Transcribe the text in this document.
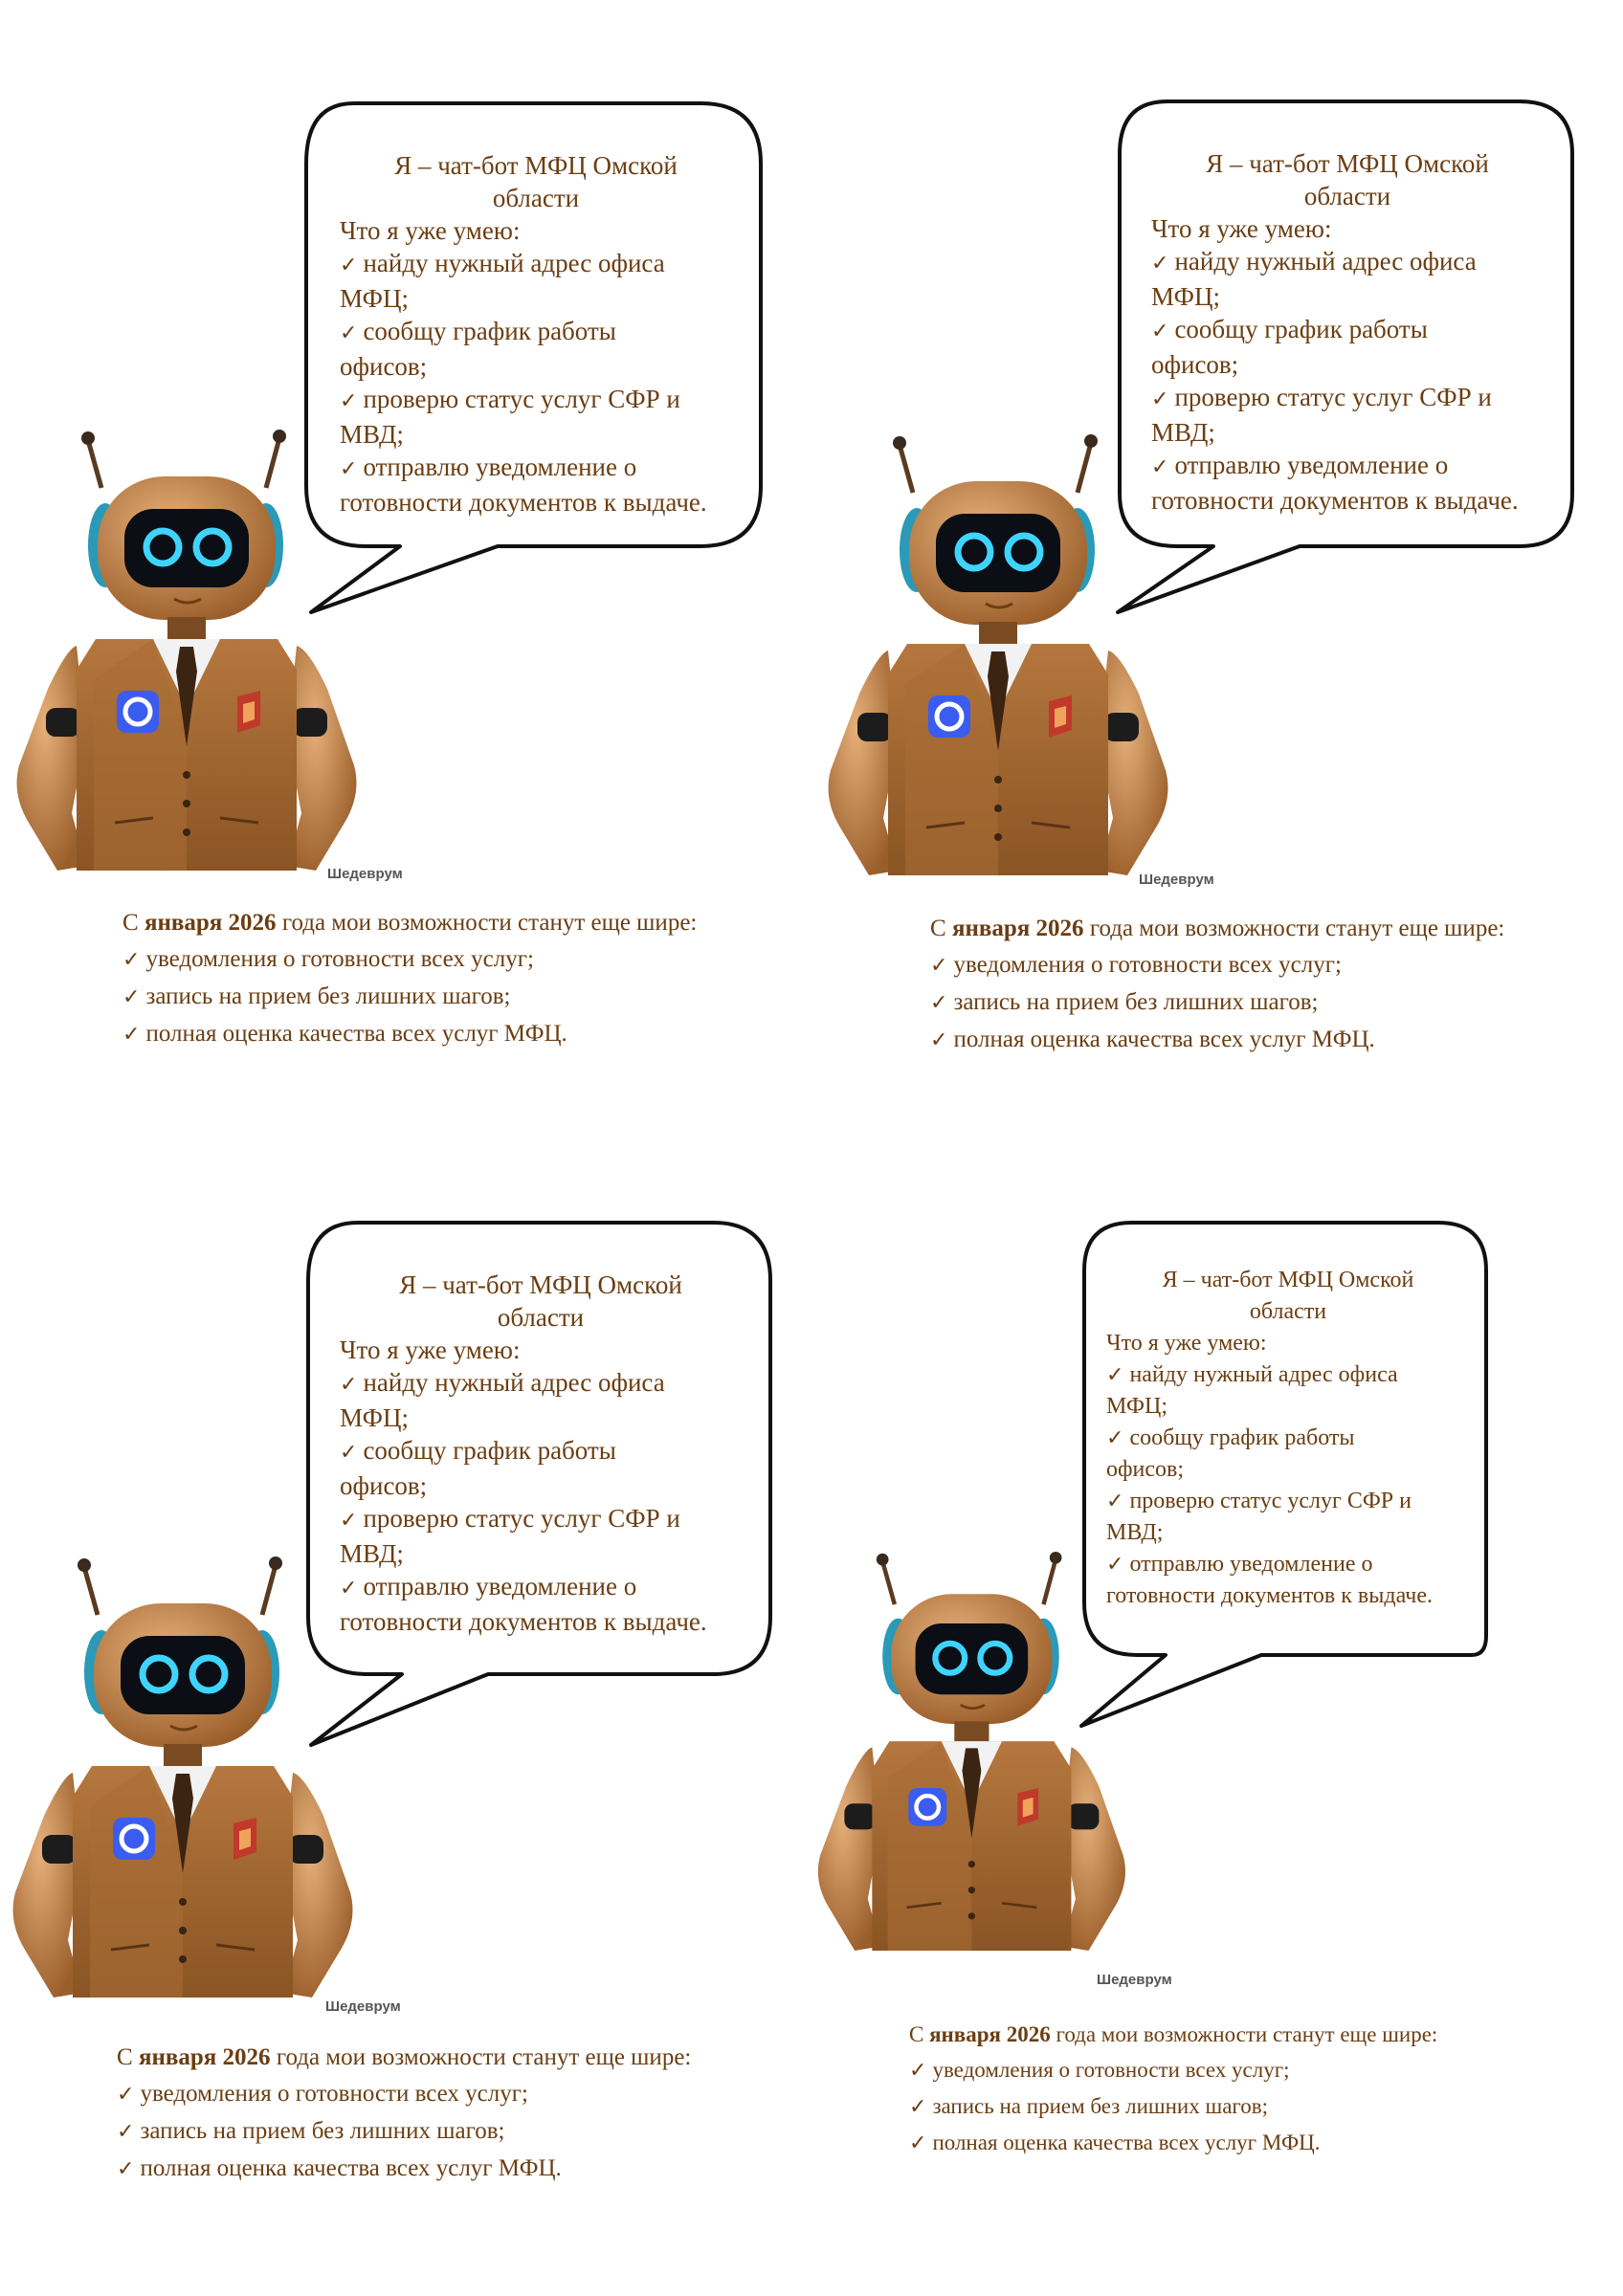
Я – чат-бот МФЦ Омской
области
Что я уже умею:
✓ найду нужный адрес офиса
МФЦ;
✓ сообщу график работы
офисов;
✓ проверю статус услуг СФР и
МВД;
✓ отправлю уведомление о
готовности документов к выдаче.
Шедеврум
С января 2026 года мои возможности станут еще шире:
✓ уведомления о готовности всех услуг;
✓ запись на прием без лишних шагов;
✓ полная оценка качества всех услуг МФЦ.
Я – чат-бот МФЦ Омской
области
Что я уже умею:
✓ найду нужный адрес офиса
МФЦ;
✓ сообщу график работы
офисов;
✓ проверю статус услуг СФР и
МВД;
✓ отправлю уведомление о
готовности документов к выдаче.
Шедеврум
С января 2026 года мои возможности станут еще шире:
✓ уведомления о готовности всех услуг;
✓ запись на прием без лишних шагов;
✓ полная оценка качества всех услуг МФЦ.
Я – чат-бот МФЦ Омской
области
Что я уже умею:
✓ найду нужный адрес офиса
МФЦ;
✓ сообщу график работы
офисов;
✓ проверю статус услуг СФР и
МВД;
✓ отправлю уведомление о
готовности документов к выдаче.
Шедеврум
С января 2026 года мои возможности станут еще шире:
✓ уведомления о готовности всех услуг;
✓ запись на прием без лишних шагов;
✓ полная оценка качества всех услуг МФЦ.
Я – чат-бот МФЦ Омской
области
Что я уже умею:
✓ найду нужный адрес офиса
МФЦ;
✓ сообщу график работы
офисов;
✓ проверю статус услуг СФР и
МВД;
✓ отправлю уведомление о
готовности документов к выдаче.
Шедеврум
С января 2026 года мои возможности станут еще шире:
✓ уведомления о готовности всех услуг;
✓ запись на прием без лишних шагов;
✓ полная оценка качества всех услуг МФЦ.
